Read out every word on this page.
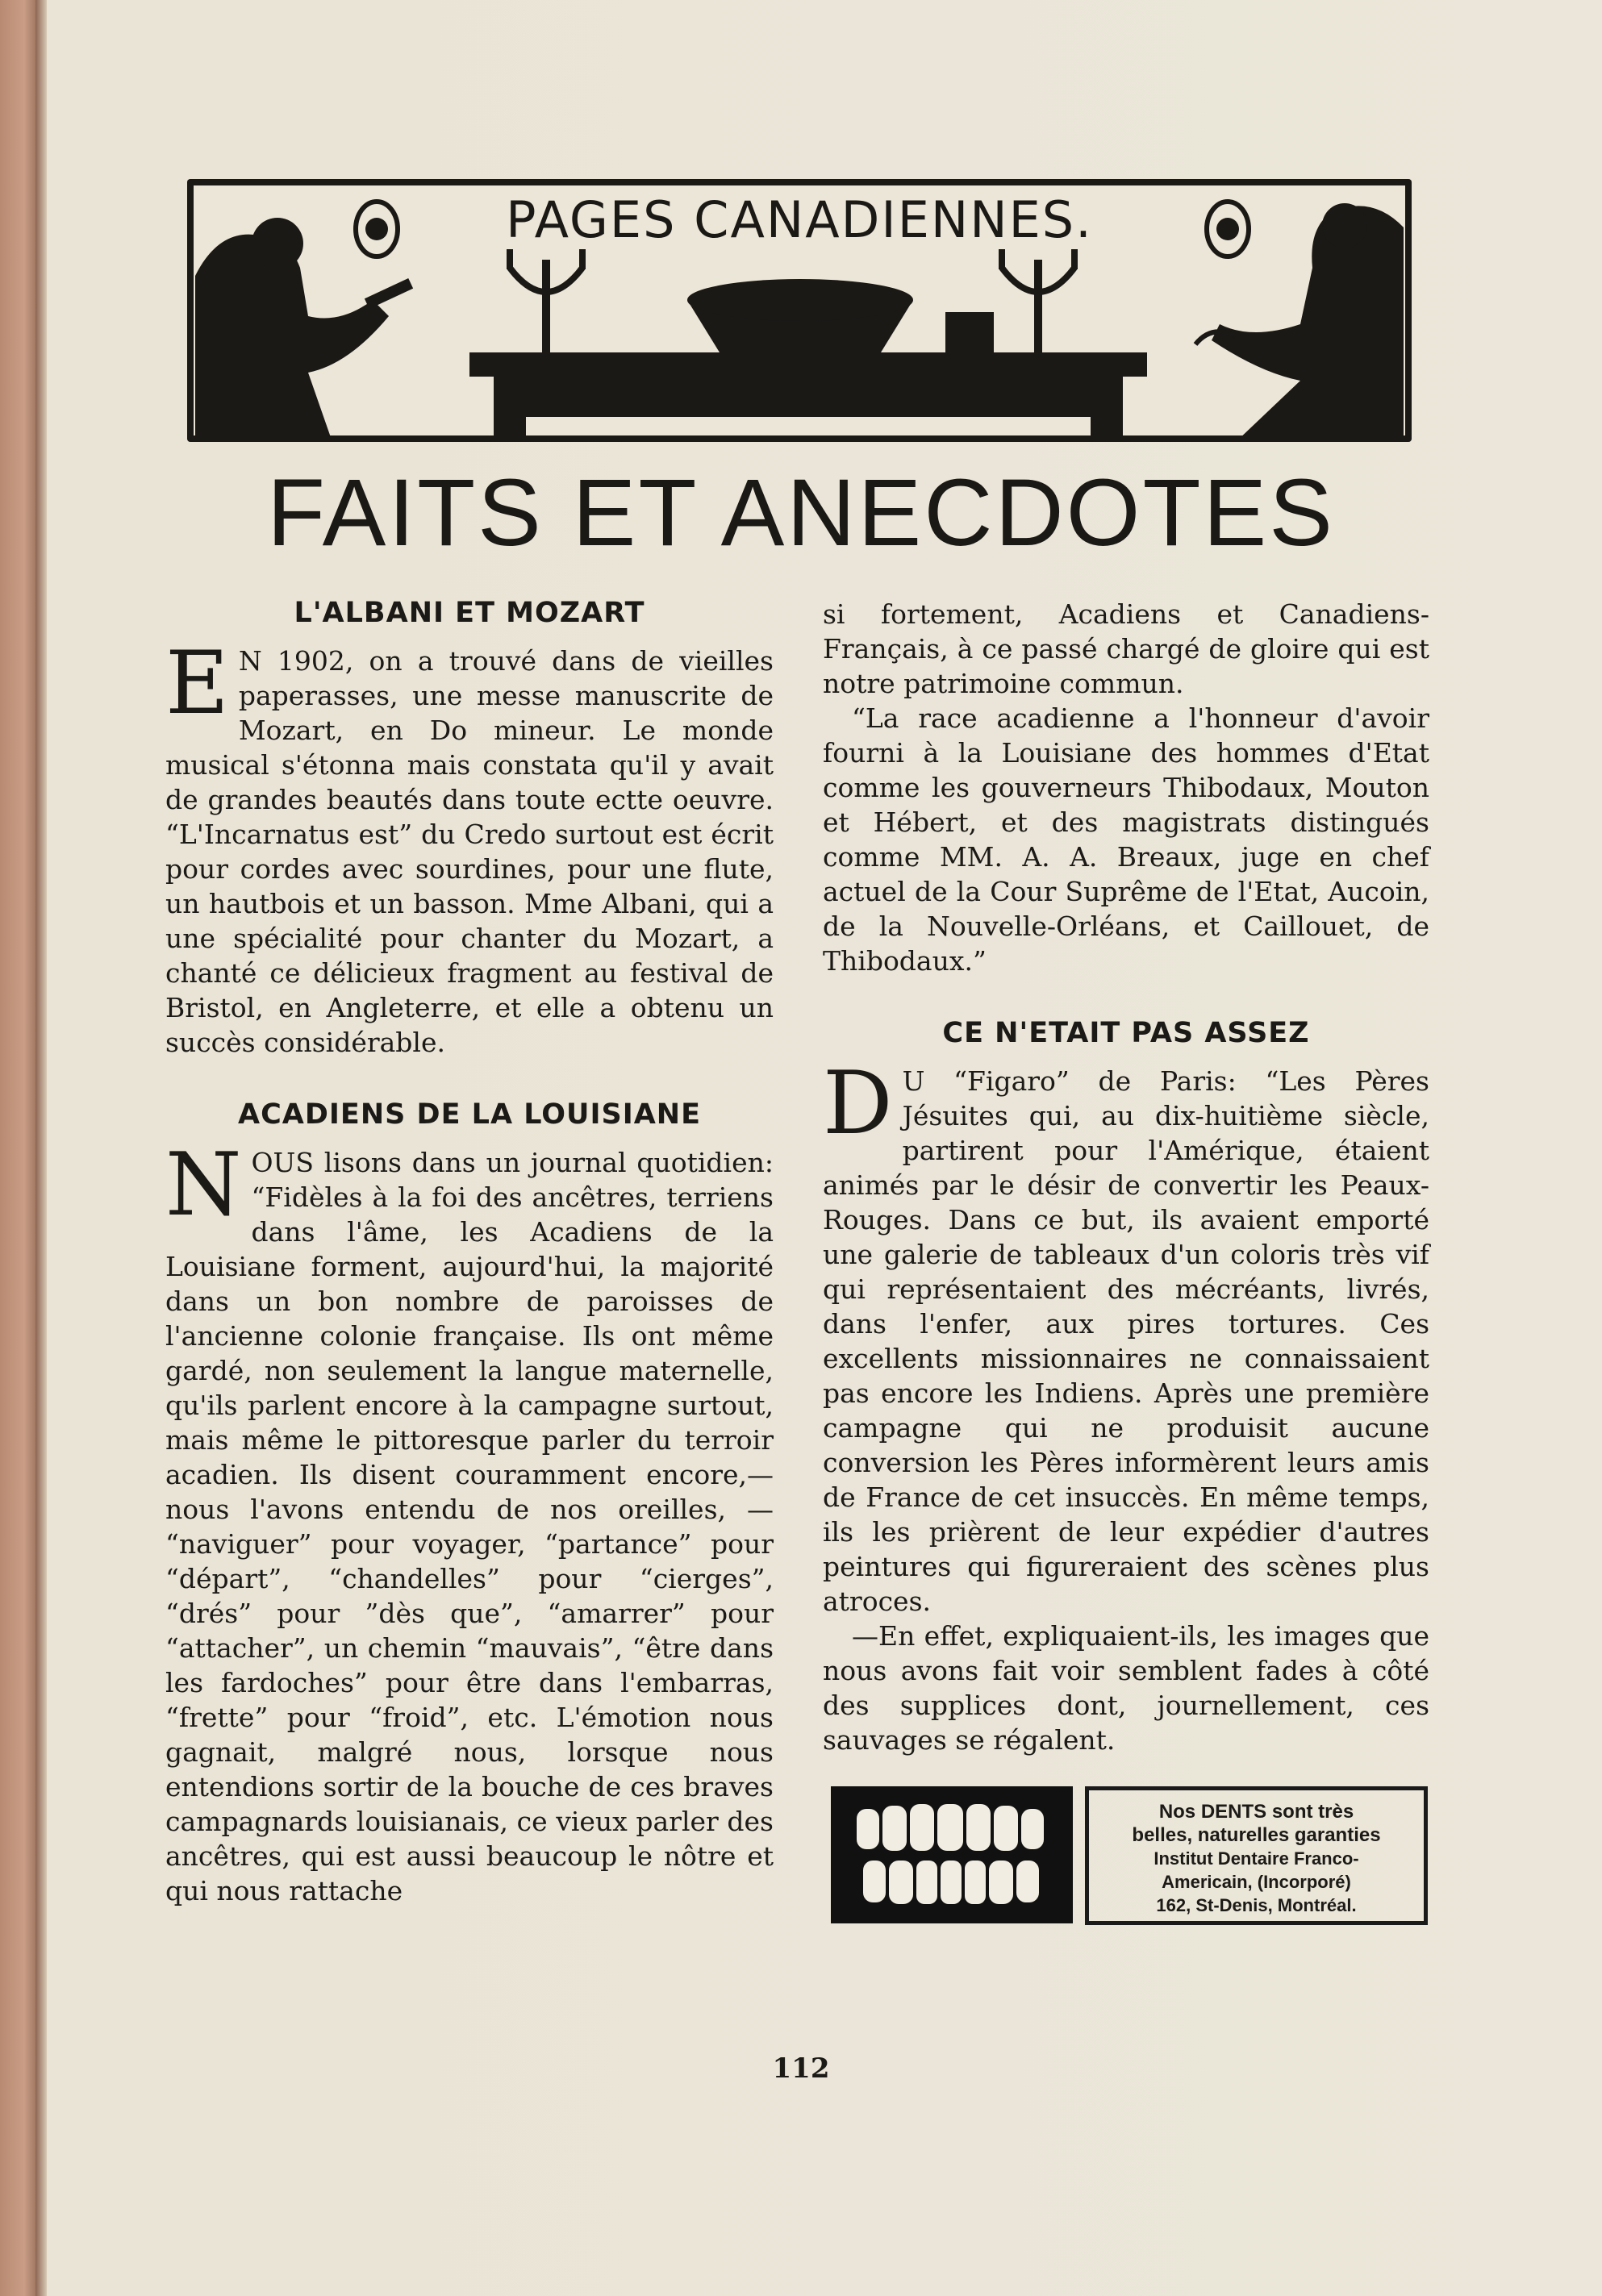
PAGES CANADIENNES.
FAITS ET ANECDOTES
L'ALBANI ET MOZART

E N 1902, on a trouvé dans de vieilles paperasses, une messe manuscrite de Mozart, en Do mineur. Le monde musical s'étonna mais constata qu'il y avait de grandes beautés dans toute ectte oeuvre. “L'Incarnatus est” du Credo surtout est écrit pour cordes avec sourdines, pour une flute, un hautbois et un basson. Mme Albani, qui a une spécialité pour chanter du Mozart, a chanté ce délicieux fragment au festival de Bristol, en Angleterre, et elle a obtenu un succès considérable.

ACADIENS DE LA LOUISIANE

NOUS lisons dans un journal quotidien: “Fidèles à la foi des ancêtres, terriens dans l'âme, les Acadiens de la Louisiane forment, aujourd'hui, la majorité dans un bon nombre de paroisses de l'ancienne colonie française. Ils ont même gardé, non seulement la langue maternelle, qu'ils parlent encore à la campagne surtout, mais même le pittoresque parler du terroir acadien. Ils disent couramment encore,—nous l'avons entendu de nos oreilles, — “naviguer” pour voyager, “partance” pour “départ”, “chandelles” pour “cierges”, “drés” pour ”dès que”, “amarrer” pour “attacher”, un chemin “mauvais”, “être dans les fardoches” pour être dans l'embarras, “frette” pour “froid”, etc. L'émotion nous gagnait, malgré nous, lorsque nous entendions sortir de la bouche de ces braves campagnards louisianais, ce vieux parler des ancêtres, qui est aussi beaucoup le nôtre et qui nous rattache

si fortement, Acadiens et Canadiens-Français, à ce passé chargé de gloire qui est notre patrimoine commun.

“La race acadienne a l'honneur d'avoir fourni à la Louisiane des hommes d'Etat comme les gouverneurs Thibodaux, Mouton et Hébert, et des magistrats distingués comme MM. A. A. Breaux, juge en chef actuel de la Cour Suprême de l'Etat, Aucoin, de la Nouvelle-Orléans, et Caillouet, de Thibodaux.”

CE N'ETAIT PAS ASSEZ

D U “Figaro” de Paris: “Les Pères Jésuites qui, au dix-huitième siècle, partirent pour l'Amérique, étaient animés par le désir de convertir les Peaux-Rouges. Dans ce but, ils avaient emporté une galerie de tableaux d'un coloris très vif qui représentaient des mécréants, livrés, dans l'enfer, aux pires tortures. Ces excellents missionnaires ne connaissaient pas encore les Indiens. Après une première campagne qui ne produisit aucune conversion les Pères informèrent leurs amis de France de cet insuccès. En même temps, ils les prièrent de leur expédier d'autres peintures qui figureraient des scènes plus atroces.

—En effet, expliquaient-ils, les images que nous avons fait voir semblent fades à côté des supplices dont, journellement, ces sauvages se régalent.

Nos DENTS sont très

belles, naturelles garanties

Institut Dentaire Franco-

Americain, (Incorporé)

162, St-Denis, Montréal.

112
